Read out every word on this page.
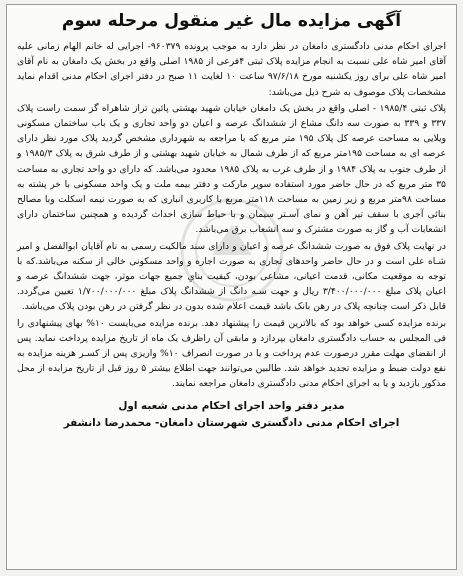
آگهی مزایده مال غیر منقول مرحله سوم

اجرای احکام مدنی دادگستری دامغان در نظر دارد به موجب پرونده ۹۶۰۳۷۹- اجرایی له خانم الهام زمانی علیه آقای امیر شاه علی نسبت به انجام مزایده پلاک ثبتی ۴فرعی از ۱۹۸۵ اصلی واقع در بخش یک دامغان به نام آقای امیر شاه علی برای روز یکشنبه مورخ ۹۷/۶/۱۸ ساعت ۱۰ لغایت ۱۱ صبح در دفتر اجرای احکام مدنی اقدام نماید مشخصات پلاک موصوف به شرح ذیل می‌باشد:

پلاک ثبتی ۱۹۸۵/۴ - اصلی واقع در بخش یک دامغان خیابان شهید بهشتی پائین تراز شاهراه گز سمت راست پلاک ۳۳۷ و ۳۳۹ به صورت سه دانگ مشاع از ششدانگ عرصه و اعیان دو واحد تجاری و یک باب ساختمان مسکونی ویلایی به مساحت عرصه کل پلاک ۱۹۵ متر مربع که با مراجعه به شهرداری مشخص گردید پلاک مورد نظر دارای عرصه ای به مساحت ۱۹۵متر مربع که از طرف شمال به خیابان شهید بهشتی و از طرف شرق به پلاک ۱۹۸۵/۳ و از طرف جنوب به پلاک ۱۹۸۴ و از طرف غرب به پلاک ۱۹۸۵ محدود می‌باشد. که دارای دو واحد تجاری به مساحت ۳۵ متر مربع که در حال حاضر مورد استفاده سوپر مارکت و دفتر بیمه ملت و یک واحد مسکونی با خر پشته به مساحت ۹۸متر مربع و زیر زمین به مساحت ۱۱۸متر مربع با کاربری انباری که به صورت نیمه اسکلت وبا مصالح بنائی آجری با سقف تیر آهن و نمای آسـتر سیمان و با حیاط سازی احداث گردیده و همچنین ساختمان دارای انشعابات آب و گاز به صورت مشترک و سه انشعاب برق می‌باشد.

در نهایت پلاک فوق به صورت ششدانگ عرصه و اعیان و دارای سند مالکیت رسمی به نام آقایان ابوالفضل و امیر شـاه علی است و در حال حاضر واحدهای تجاری به صورت اجاره و واحد مسکونی خالی از سکنه می‌باشد.که با توجه به موقعیت مکانی، قدمت اعیانی، مشاعی بودن، کیفیت بنایِ جمیع جهات موثر، جهت ششدانگ عرصه و اعیان پلاک مبلغ ۳/۴۰۰/۰۰۰/۰۰۰ ریال و جهت سـه دانگ از ششدانگ پلاک مبلغ ۱/۷۰۰/۰۰۰/۰۰۰ تعیین می‌گردد. قابل ذکر است چنانچه پلاک در رهن بانک باشد قیمت اعلام شده بدون در نظر گرفتن در رهن بودن پلاک می‌باشد.

برنده مزایده کسی خواهد بود که بالاترین قیمت را پیشنهاد دهد. برنده مزایده می‌بایست ۱۰% بهای پیشنهادی را فی المجلس به حساب دادگستری دامغان بپردازد و مابقی آن راظرف یک ماه از تاریخ مزایده پرداخت نماید. پس از انقضای مهلت مقرر درصورت عدم پرداخت و یا در صورت انصراف ۱۰% واریزی پس از کسـر هزینه مزایده به نفع دولت ضبط و مزایده تجدید خواهد شد. طالبین می‌توانند جهت اطلاع بیشتر ۵ روز قبل از تاریخ مزایده از محل مذکور بازدید و یا به اجرای احکام مدنی دادگستری دامغان مراجعه نمایند.

مدیر دفتر واحد اجرای احکام مدنی شعبه اول
اجرای احکام مدنی دادگستری شهرستان دامغان- محمدرضا دانشفر
